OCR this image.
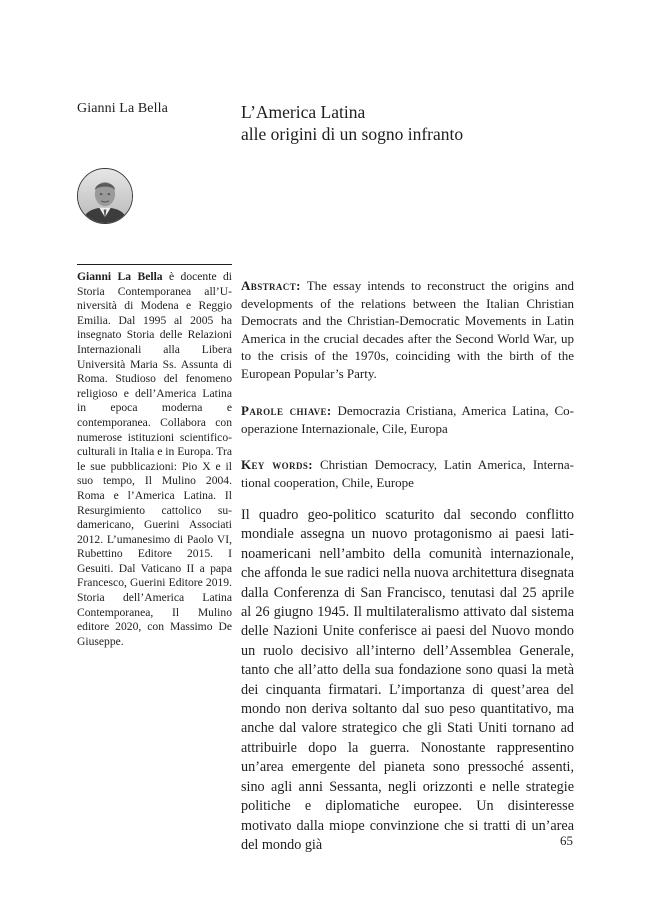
Gianni La Bella	L’America Latina
alle origini di un sogno infranto
Gianni La Bella è docente di Storia Contemporanea all’Università di Modena e Reggio Emilia. Dal 1995 al 2005 ha insegnato Storia delle Relazioni Internazionali alla Libera Università Maria Ss. Assunta di Roma. Studioso del fenomeno religioso e dell’America Latina in epoca moderna e contemporanea. Collabora con numerose istituzioni scientifico-culturali in Italia e in Europa. Tra le sue pubblicazioni: Pio X e il suo tempo, Il Mulino 2004. Roma e l’America Latina. Il Resurgimiento cattolico sudamericano, Guerini Associati 2012. L’umanesimo di Paolo VI, Rubettino Editore 2015. I Gesuiti. Dal Vaticano II a papa Francesco, Guerini Editore 2019. Storia dell’America Latina Contemporanea, Il Mulino editore 2020, con Massimo De Giuseppe.
Abstract: The essay intends to reconstruct the origins and developments of the relations between the Italian Christian Democrats and the Christian-Democratic Movements in Latin America in the crucial decades after the Second World War, up to the crisis of the 1970s, coinciding with the birth of the European Popular’s Party.
Parole chiave: Democrazia Cristiana, America Latina, Cooperazione Internazionale, Cile, Europa
Key words: Christian Democracy, Latin America, International cooperation, Chile, Europe
Il quadro geo-politico scaturito dal secondo conflitto mondiale assegna un nuovo protagonismo ai paesi latinoamericani nell’ambito della comunità internazionale, che affonda le sue radici nella nuova architettura disegnata dalla Conferenza di San Francisco, tenutasi dal 25 aprile al 26 giugno 1945. Il multilateralismo attivato dal sistema delle Nazioni Unite conferisce ai paesi del Nuovo mondo un ruolo decisivo all’interno dell’Assemblea Generale, tanto che all’atto della sua fondazione sono quasi la metà dei cinquanta firmatari. L’importanza di quest’area del mondo non deriva soltanto dal suo peso quantitativo, ma anche dal valore strategico che gli Stati Uniti tornano ad attribuirle dopo la guerra. Nonostante rappresentino un’area emergente del pianeta sono pressoché assenti, sino agli anni Sessanta, negli orizzonti e nelle strategie politiche e diplomatiche europee. Un disinteresse motivato dalla miope convinzione che si tratti di un’area del mondo già	65
